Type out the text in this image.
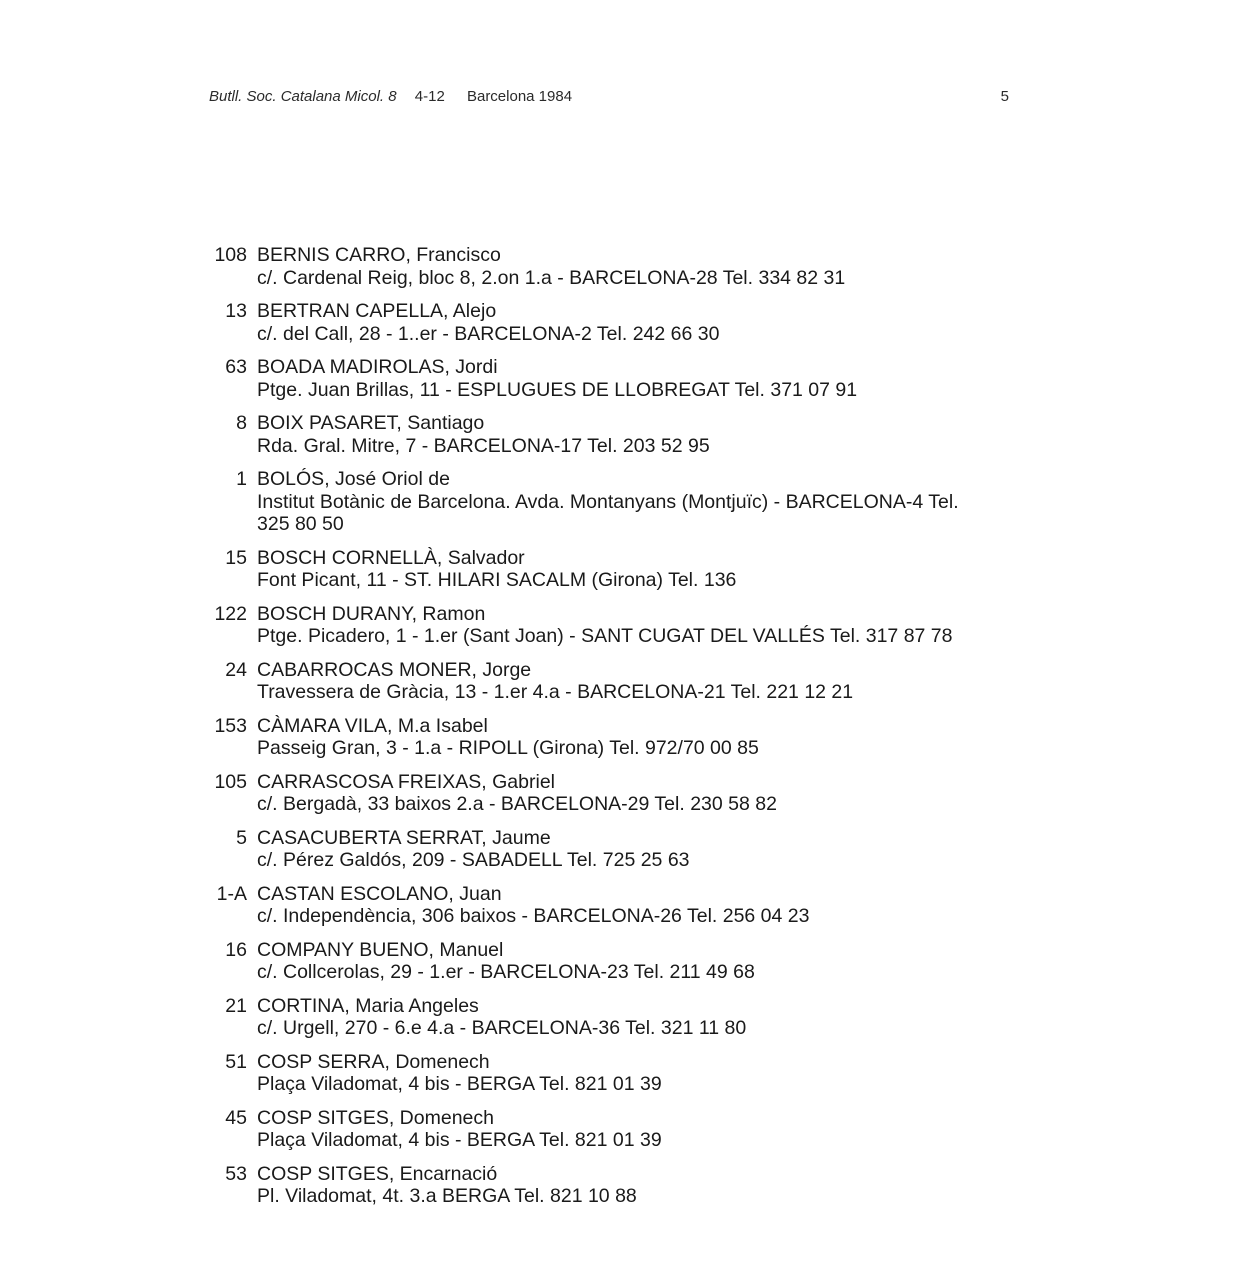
Butll. Soc. Catalana Micol. 8 4-12 Barcelona 1984	5
108 BERNIS CARRO, Francisco
c/. Cardenal Reig, bloc 8, 2.on 1.a - BARCELONA-28 Tel. 334 82 31
13 BERTRAN CAPELLA, Alejo
c/. del Call, 28 - 1..er - BARCELONA-2 Tel. 242 66 30
63 BOADA MADIROLAS, Jordi
Ptge. Juan Brillas, 11 - ESPLUGUES DE LLOBREGAT Tel. 371 07 91
8 BOIX PASARET, Santiago
Rda. Gral. Mitre, 7 - BARCELONA-17 Tel. 203 52 95
1 BOLÓS, José Oriol de
Institut Botànic de Barcelona. Avda. Montanyans (Montjuïc) - BARCELONA-4 Tel.
325 80 50
15 BOSCH CORNELLÀ, Salvador
Font Picant, 11 - ST. HILARI SACALM (Girona) Tel. 136
122 BOSCH DURANY, Ramon
Ptge. Picadero, 1 - 1.er (Sant Joan) - SANT CUGAT DEL VALLÉS Tel. 317 87 78
24 CABARROCAS MONER, Jorge
Travessera de Gràcia, 13 - 1.er 4.a - BARCELONA-21 Tel. 221 12 21
153 CÀMARA VILA, M.a Isabel
Passeig Gran, 3 - 1.a - RIPOLL (Girona) Tel. 972/70 00 85
105 CARRASCOSA FREIXAS, Gabriel
c/. Bergadà, 33 baixos 2.a - BARCELONA-29 Tel. 230 58 82
5 CASACUBERTA SERRAT, Jaume
c/. Pérez Galdós, 209 - SABADELL Tel. 725 25 63
1-A CASTAN ESCOLANO, Juan
c/. Independència, 306 baixos - BARCELONA-26 Tel. 256 04 23
16 COMPANY BUENO, Manuel
c/. Collcerolas, 29 - 1.er - BARCELONA-23 Tel. 211 49 68
21 CORTINA, Maria Angeles
c/. Urgell, 270 - 6.e 4.a - BARCELONA-36 Tel. 321 11 80
51 COSP SERRA, Domenech
Plaça Viladomat, 4 bis - BERGA Tel. 821 01 39
45 COSP SITGES, Domenech
Plaça Viladomat, 4 bis - BERGA Tel. 821 01 39
53 COSP SITGES, Encarnació
Pl. Viladomat, 4t. 3.a BERGA Tel. 821 10 88
